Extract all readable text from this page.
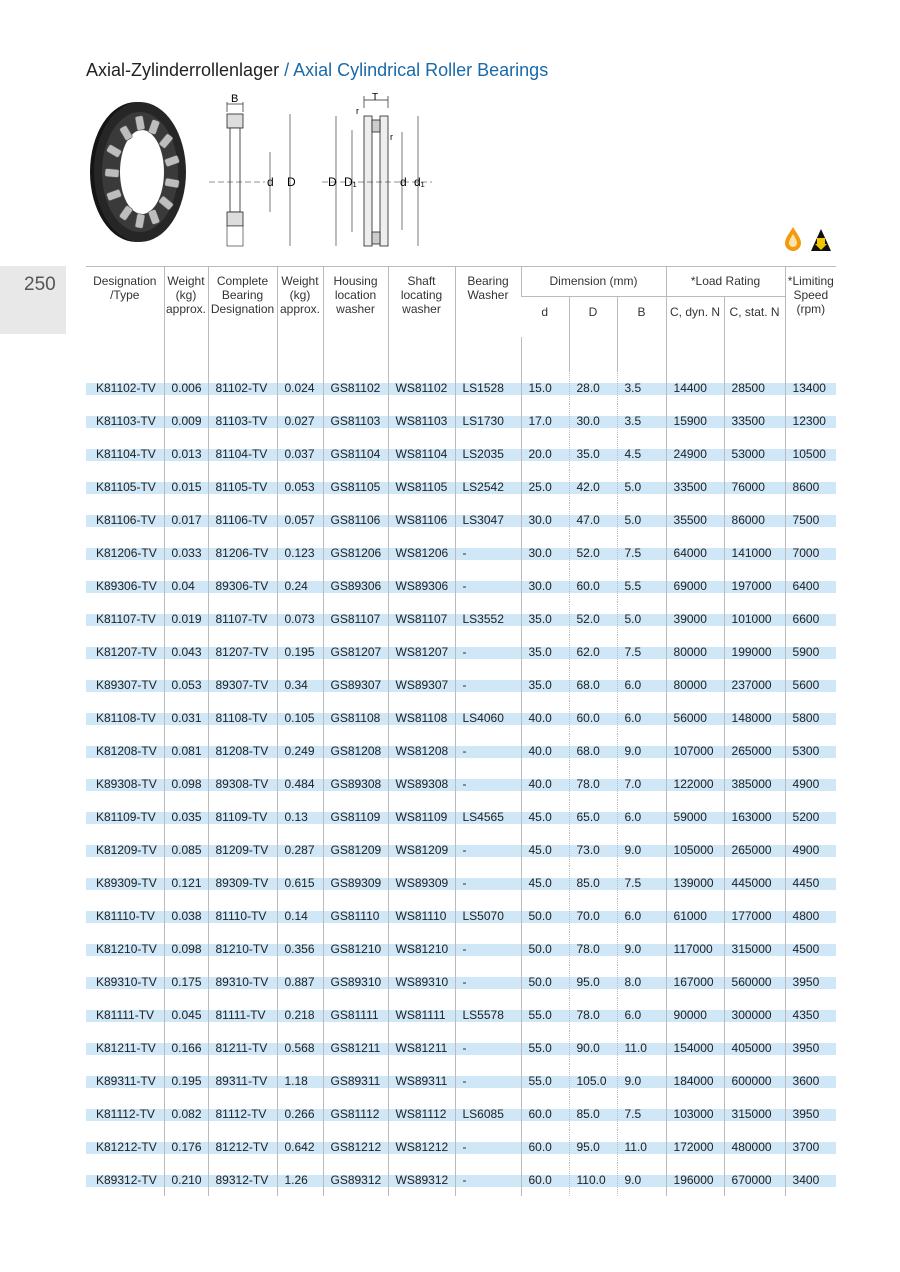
Axial-Zylinderrollenlager / Axial Cylindrical Roller Bearings
250
B
d D
T
r
r
D D₁	d d₁
Designation /Type	Weight (kg) approx.	Complete Bearing Designation	Weight (kg) approx.	Housing location washer	Shaft locating washer	Bearing Washer	Dimension (mm)			*Load Rating		*Limiting Speed (rpm)
							d	D	B	C, dyn. N	C, stat. N	

K81102-TV	0.006	81102-TV	0.024	GS81102	WS81102	LS1528	15.0	28.0	3.5	14400	28500	13400
K81103-TV	0.009	81103-TV	0.027	GS81103	WS81103	LS1730	17.0	30.0	3.5	15900	33500	12300
K81104-TV	0.013	81104-TV	0.037	GS81104	WS81104	LS2035	20.0	35.0	4.5	24900	53000	10500
K81105-TV	0.015	81105-TV	0.053	GS81105	WS81105	LS2542	25.0	42.0	5.0	33500	76000	8600
K81106-TV	0.017	81106-TV	0.057	GS81106	WS81106	LS3047	30.0	47.0	5.0	35500	86000	7500
K81206-TV	0.033	81206-TV	0.123	GS81206	WS81206	-	30.0	52.0	7.5	64000	141000	7000
K89306-TV	0.04	89306-TV	0.24	GS89306	WS89306	-	30.0	60.0	5.5	69000	197000	6400
K81107-TV	0.019	81107-TV	0.073	GS81107	WS81107	LS3552	35.0	52.0	5.0	39000	101000	6600
K81207-TV	0.043	81207-TV	0.195	GS81207	WS81207	-	35.0	62.0	7.5	80000	199000	5900
K89307-TV	0.053	89307-TV	0.34	GS89307	WS89307	-	35.0	68.0	6.0	80000	237000	5600
K81108-TV	0.031	81108-TV	0.105	GS81108	WS81108	LS4060	40.0	60.0	6.0	56000	148000	5800
K81208-TV	0.081	81208-TV	0.249	GS81208	WS81208	-	40.0	68.0	9.0	107000	265000	5300
K89308-TV	0.098	89308-TV	0.484	GS89308	WS89308	-	40.0	78.0	7.0	122000	385000	4900
K81109-TV	0.035	81109-TV	0.13	GS81109	WS81109	LS4565	45.0	65.0	6.0	59000	163000	5200
K81209-TV	0.085	81209-TV	0.287	GS81209	WS81209	-	45.0	73.0	9.0	105000	265000	4900
K89309-TV	0.121	89309-TV	0.615	GS89309	WS89309	-	45.0	85.0	7.5	139000	445000	4450
K81110-TV	0.038	81110-TV	0.14	GS81110	WS81110	LS5070	50.0	70.0	6.0	61000	177000	4800
K81210-TV	0.098	81210-TV	0.356	GS81210	WS81210	-	50.0	78.0	9.0	117000	315000	4500
K89310-TV	0.175	89310-TV	0.887	GS89310	WS89310	-	50.0	95.0	8.0	167000	560000	3950
K81111-TV	0.045	81111-TV	0.218	GS81111	WS81111	LS5578	55.0	78.0	6.0	90000	300000	4350
K81211-TV	0.166	81211-TV	0.568	GS81211	WS81211	-	55.0	90.0	11.0	154000	405000	3950
K89311-TV	0.195	89311-TV	1.18	GS89311	WS89311	-	55.0	105.0	9.0	184000	600000	3600
K81112-TV	0.082	81112-TV	0.266	GS81112	WS81112	LS6085	60.0	85.0	7.5	103000	315000	3950
K81212-TV	0.176	81212-TV	0.642	GS81212	WS81212	-	60.0	95.0	11.0	172000	480000	3700
K89312-TV	0.210	89312-TV	1.26	GS89312	WS89312	-	60.0	110.0	9.0	196000	670000	3400
